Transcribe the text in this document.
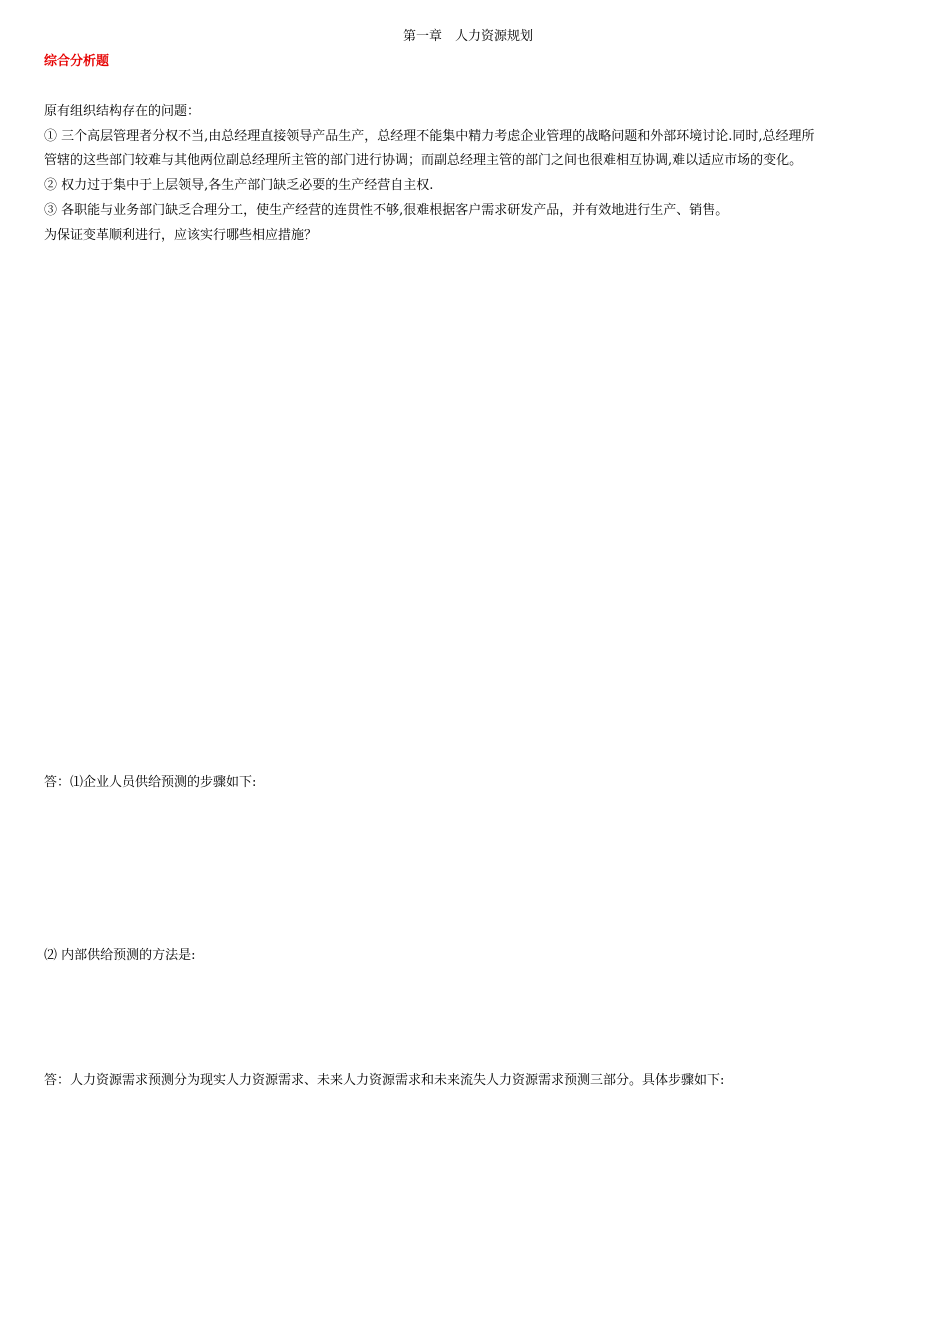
第一章　人力资源规划
综合分析题
原有组织结构存在的问题：
① 三个高层管理者分权不当,由总经理直接领导产品生产，总经理不能集中精力考虑企业管理的战略问题和外部环境讨论.同时,总经理所
管辖的这些部门较难与其他两位副总经理所主管的部门进行协调；而副总经理主管的部门之间也很难相互协调,难以适应市场的变化。
② 权力过于集中于上层领导,各生产部门缺乏必要的生产经营自主权.
③ 各职能与业务部门缺乏合理分工，使生产经营的连贯性不够,很难根据客户需求研发产品，并有效地进行生产、销售。
为保证变革顺利进行，应该实行哪些相应措施？
答：⑴企业人员供给预测的步骤如下:
⑵ 内部供给预测的方法是:
答：人力资源需求预测分为现实人力资源需求、未来人力资源需求和未来流失人力资源需求预测三部分。具体步骤如下:
